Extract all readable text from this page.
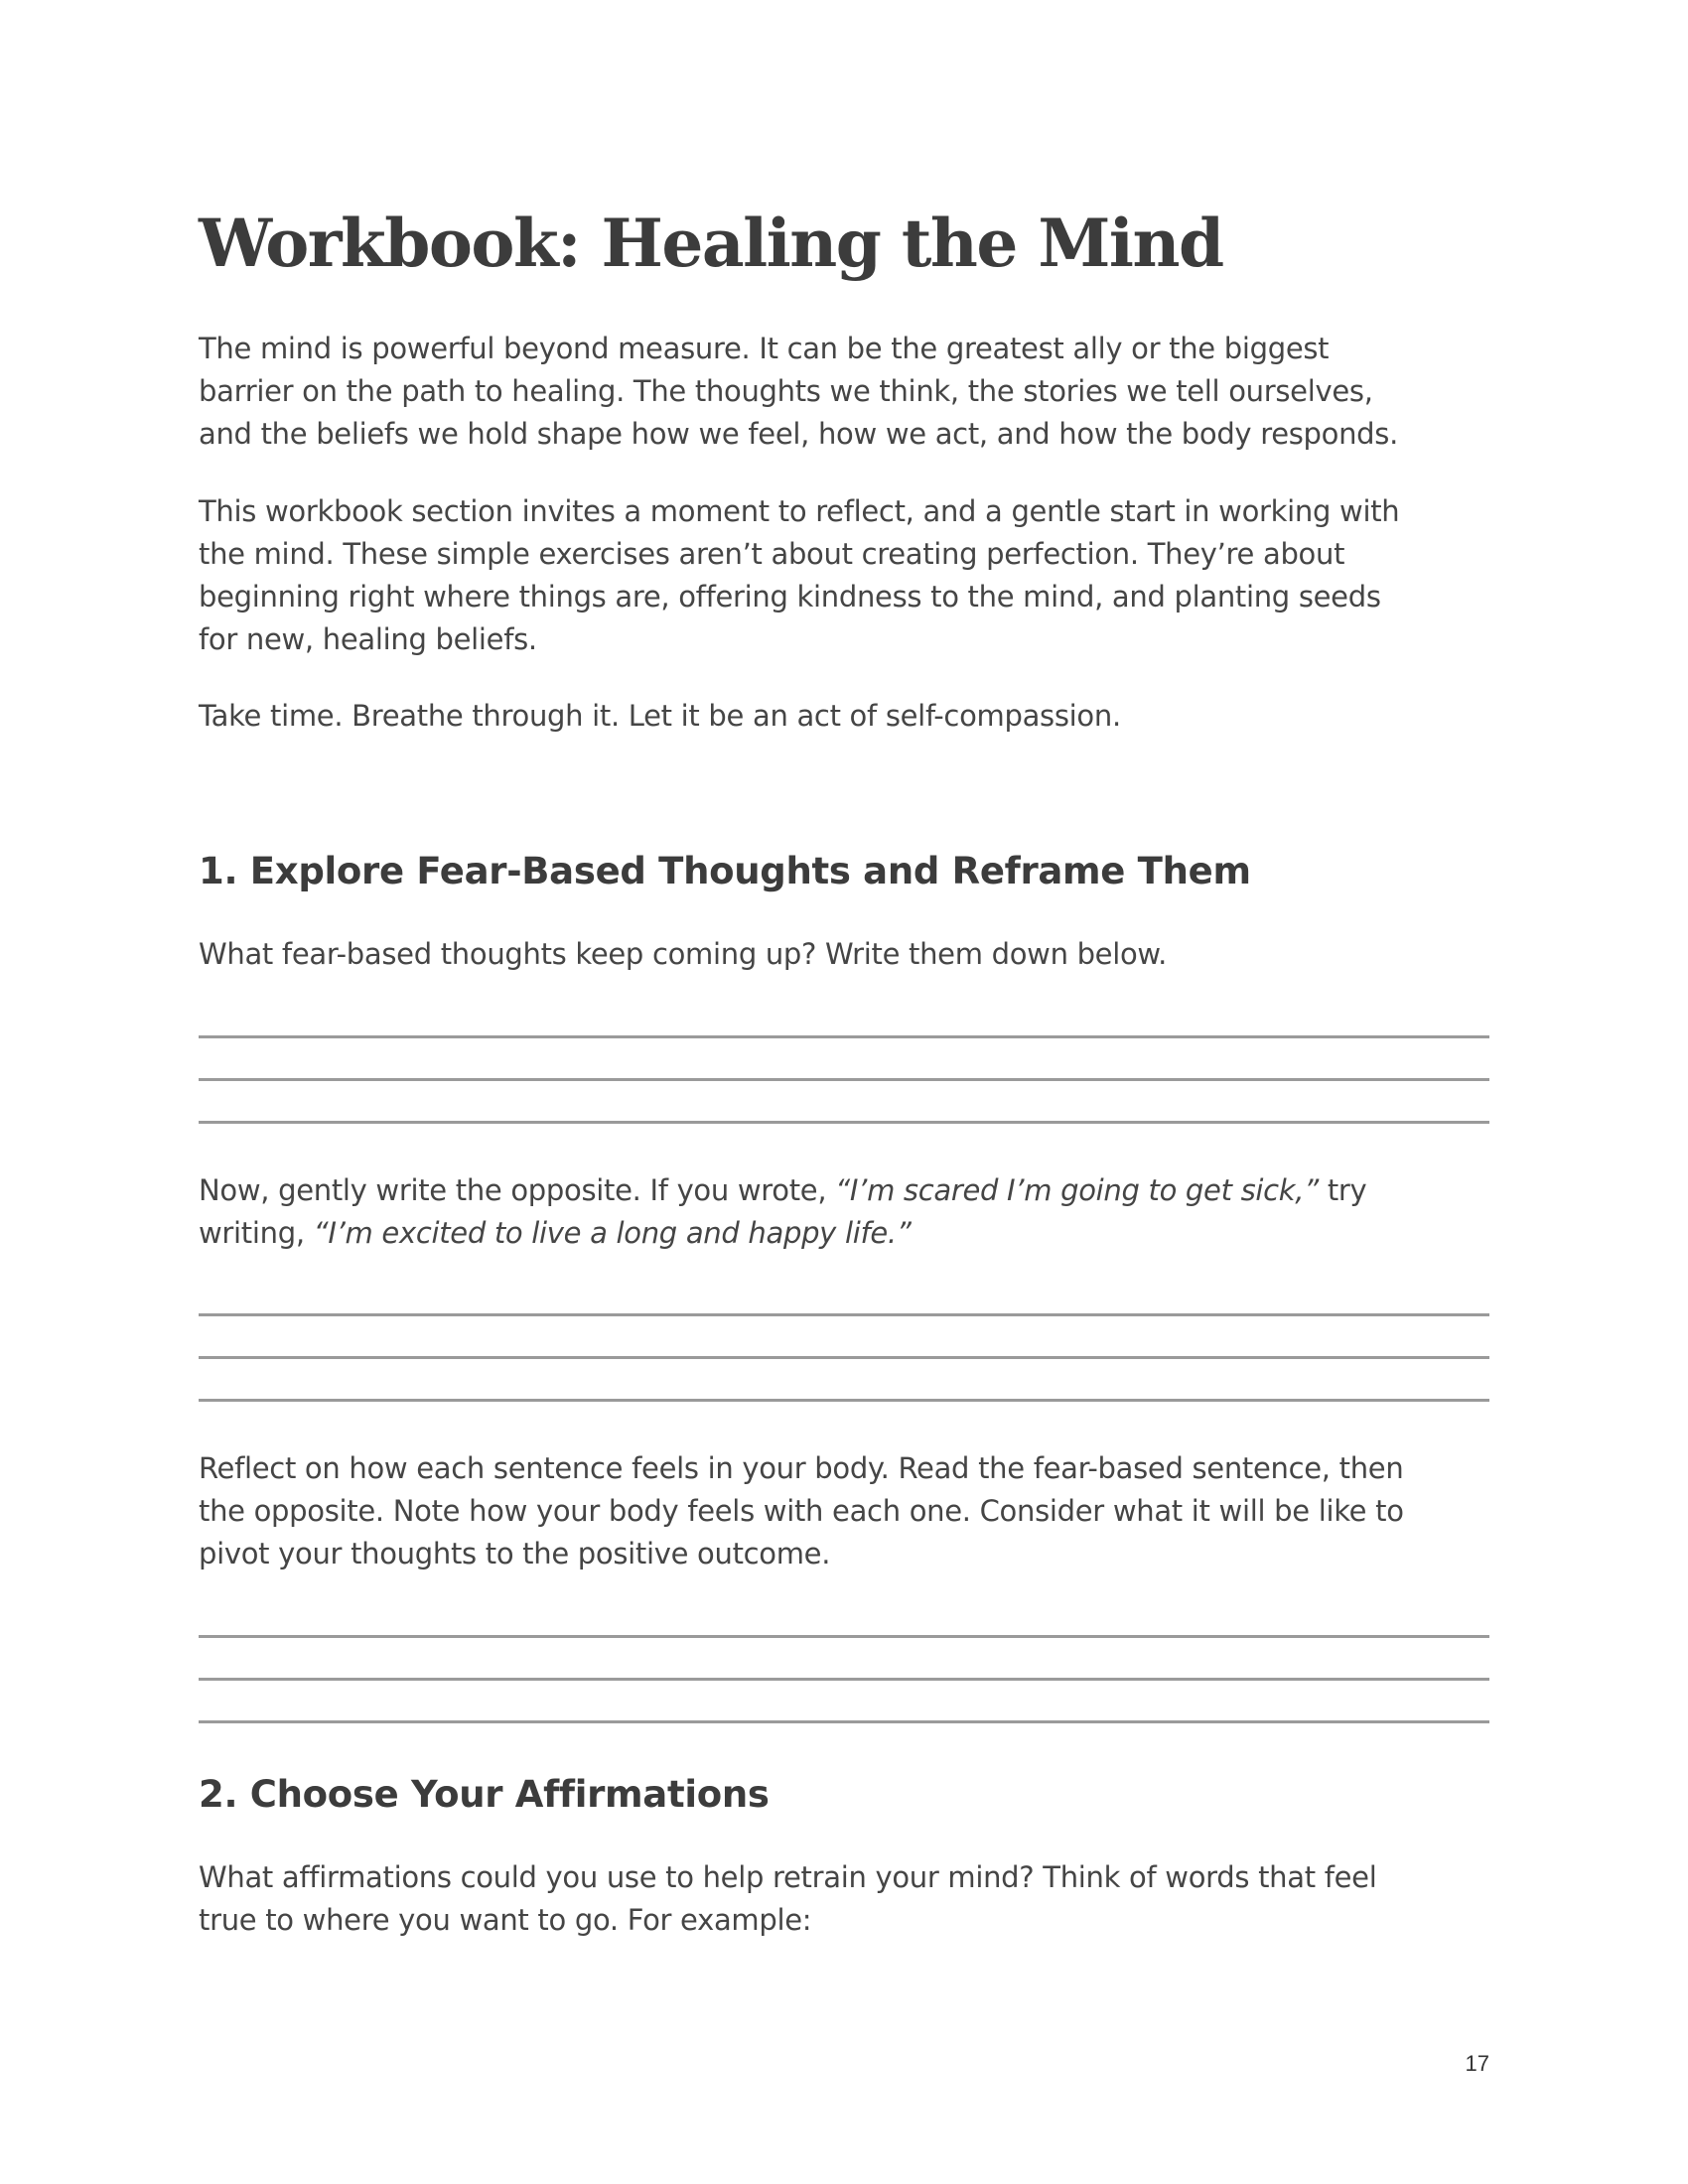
Workbook: Healing the Mind

The mind is powerful beyond measure. It can be the greatest ally or the biggest
barrier on the path to healing. The thoughts we think, the stories we tell ourselves,
and the beliefs we hold shape how we feel, how we act, and how the body responds.

This workbook section invites a moment to reflect, and a gentle start in working with
the mind. These simple exercises aren’t about creating perfection. They’re about
beginning right where things are, offering kindness to the mind, and planting seeds
for new, healing beliefs.

Take time. Breathe through it. Let it be an act of self-compassion.

1. Explore Fear-Based Thoughts and Reframe Them

What fear-based thoughts keep coming up? Write them down below.

Now, gently write the opposite. If you wrote, “I’m scared I’m going to get sick,” try
writing, “I’m excited to live a long and happy life.”

Reflect on how each sentence feels in your body. Read the fear-based sentence, then
the opposite. Note how your body feels with each one. Consider what it will be like to
pivot your thoughts to the positive outcome.

2. Choose Your Affirmations

What affirmations could you use to help retrain your mind? Think of words that feel
true to where you want to go. For example:

17
